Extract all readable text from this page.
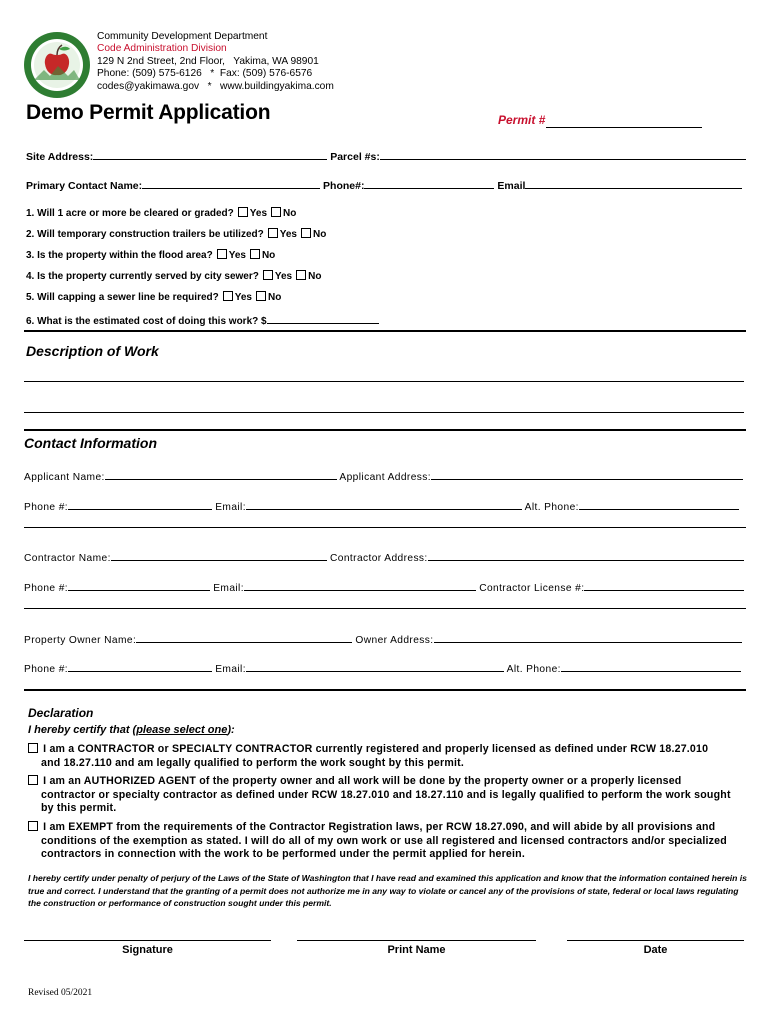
Community Development Department
Code Administration Division
129 N 2nd Street, 2nd Floor,   Yakima, WA 98901
Phone: (509) 575-6126   *  Fax: (509) 576-6576
codes@yakimawa.gov   *   www.buildingyakima.com
Demo Permit Application	Permit #
Site Address:	Parcel #s:
Primary Contact Name:	Phone#:	Email
1. Will 1 acre or more be cleared or graded? Yes No
2. Will temporary construction trailers be utilized? Yes No
3. Is the property within the flood area? Yes No
4. Is the property currently served by city sewer? Yes No
5. Will capping a sewer line be required? Yes No
6. What is the estimated cost of doing this work? $
Description of Work
Contact Information
Applicant Name:	Applicant Address:
Phone #:	Email:	Alt. Phone:
Contractor Name:	Contractor Address:
Phone #:	Email:	Contractor License #:
Property Owner Name:	Owner Address:
Phone #:	Email:	Alt. Phone:
Declaration
I hereby certify that (please select one):
I am a CONTRACTOR or SPECIALTY CONTRACTOR currently registered and properly licensed as defined under RCW 18.27.010
and 18.27.110 and am legally qualified to perform the work sought by this permit.
I am an AUTHORIZED AGENT of the property owner and all work will be done by the property owner or a properly licensed
contractor or specialty contractor as defined under RCW 18.27.010 and 18.27.110 and is legally qualified to perform the work sought by this permit.
I am EXEMPT from the requirements of the Contractor Registration laws, per RCW 18.27.090, and will abide by all provisions and
conditions of the exemption as stated. I will do all of my own work or use all registered and licensed contractors and/or specialized contractors in connection with the work to be performed under the permit applied for herein.
I hereby certify under penalty of perjury of the Laws of the State of Washington that I have read and examined this application and know that the information contained herein is true and correct. I understand that the granting of a permit does not authorize me in any way to violate or cancel any of the provisions of state, federal or local laws regulating the construction or performance of construction sought under this permit.
Signature	Print Name	Date
Revised 05/2021
